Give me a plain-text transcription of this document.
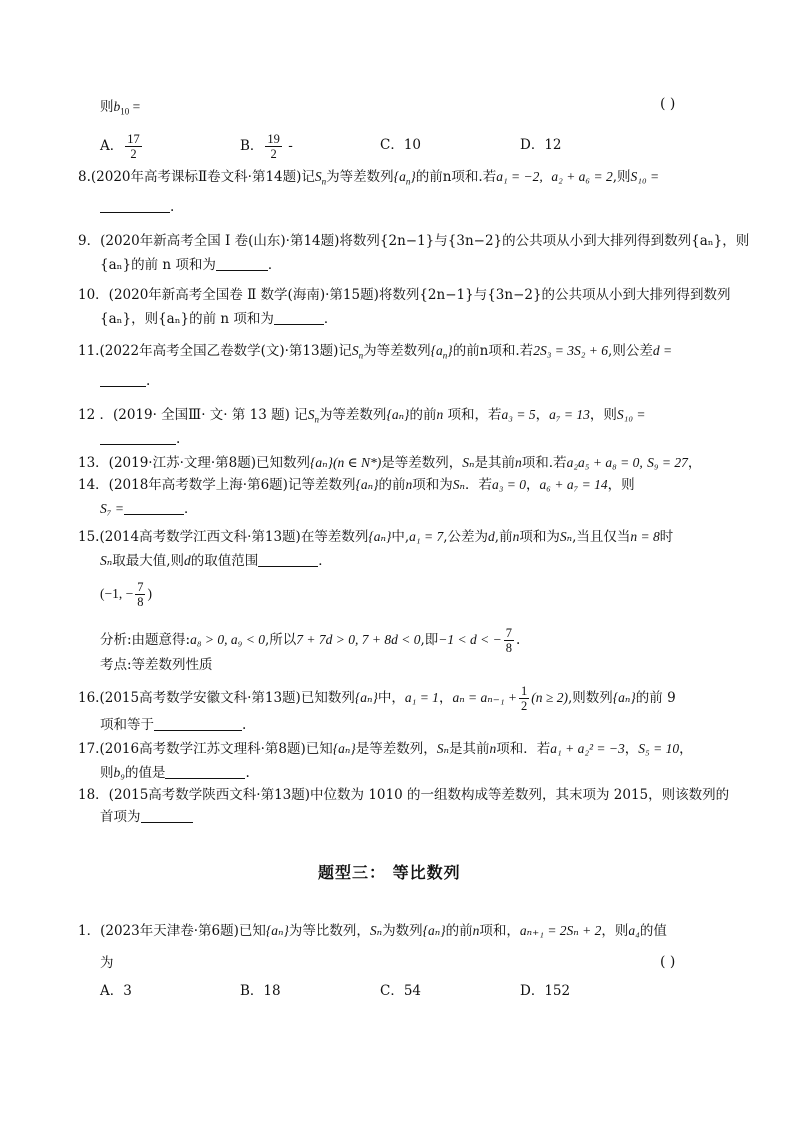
则$b_{10}$ =	( )
A． $\frac{17}{2}$	B． $\frac{19}{2}$ -	C．10	D．12
8.(2020年高考课标Ⅱ卷文科·第14题)记$S_n$为等差数列$\{a_n\}$的前n项和.若a₁ = −2, a₂ + a₆ = 2,则S₁₀ =
.
9．(2020年新高考全国 I 卷(山东)·第14题)将数列{2n−1}与{3n−2}的公共项从小到大排列得到数列{aₙ}，则
{aₙ}的前 n 项和为	．
10．(2020年新高考全国卷 Ⅱ 数学(海南)·第15题)将数列{2n−1}与{3n−2}的公共项从小到大排列得到数列
{aₙ}，则{aₙ}的前 n 项和为	．
11.(2022年高考全国乙卷数学(文)·第13题)记$S_n$为等差数列$\{a_n\}$的前n项和.若2S₃ = 3S₂ + 6,则公差d =
.
12 ．(2019· 全国Ⅲ· 文· 第 13 题) 记$S_n$为等差数列{aₙ}的前n 项和，若a₃ = 5，a₇ = 13，则S₁₀ =
.
13．(2019·江苏·文理·第8题)已知数列{aₙ}(n ∈ N*)是等差数列，Sₙ是其前n项和.若a₂a₅ + a₈ = 0, S₉ = 27，
14．(2018年高考数学上海·第6题)记等差数列{aₙ}的前n项和为Sₙ．若a₃ = 0，a₆ + a₇ = 14，则
S₇ =	．
15.(2014高考数学江西文科·第13题)在等差数列{aₙ}中,a₁ = 7,公差为d,前n项和为Sₙ,当且仅当n = 8时
Sₙ取最大值,则d的取值范围	．
(−1, − $\frac{7}{8}$ )
分析:由题意得:a₈ > 0, a₉ < 0,所以7 + 7d > 0, 7 + 8d < 0,即−1 < d < − $\frac{7}{8}$ .
考点:等差数列性质
16.(2015高考数学安徽文科·第13题)已知数列{aₙ}中，a₁ = 1，$a_n = a_{n-1} + \frac{1}{2} (n \ge 2)$,则数列{aₙ}的前 9
项和等于	.
17.(2016高考数学江苏文理科·第8题)已知{aₙ}是等差数列，Sₙ是其前n项和．若a₁ + a₂² = −3，S₅ = 10，
则b₉的值是	.
18．(2015高考数学陕西文科·第13题)中位数为 1010 的一组数构成等差数列，其末项为 2015，则该数列的
首项为
题型三： 等比数列
1．(2023年天津卷·第6题)已知{aₙ}为等比数列，Sₙ为数列{aₙ}的前n项和，aₙ₊₁ = 2Sₙ + 2，则a₄的值
为	( )
A．3	B．18	C．54	D．152
